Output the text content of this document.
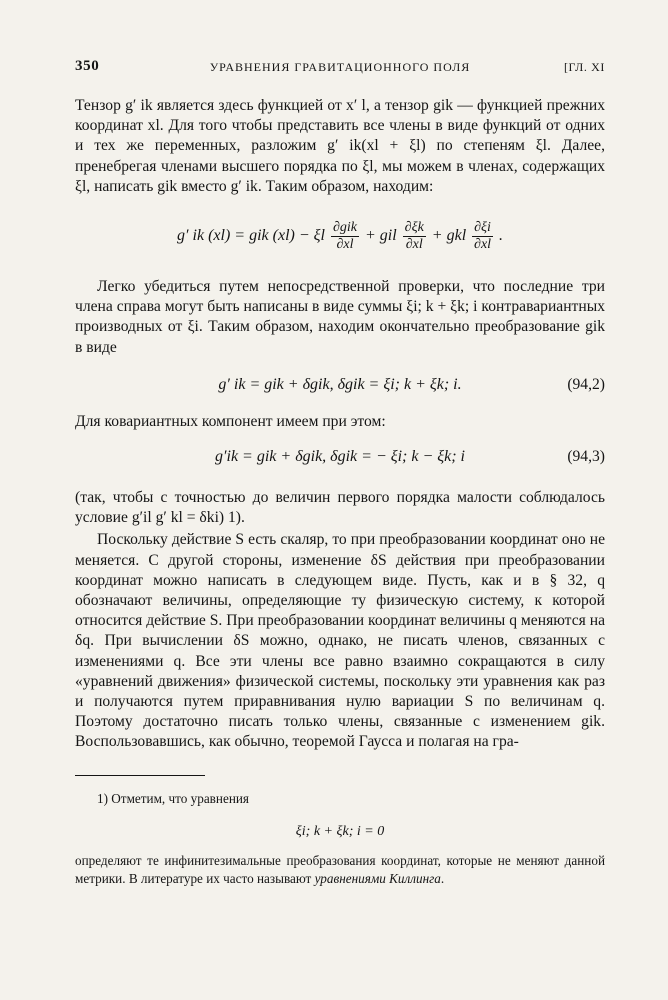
350	УРАВНЕНИЯ ГРАВИТАЦИОННОГО ПОЛЯ	[ГЛ. XI

Тензор g′ ik является здесь функцией от x′ l, а тензор gik — функцией прежних координат xl. Для того чтобы представить все члены в виде функций от одних и тех же переменных, разложим g′ ik(xl + ξl) по степеням ξl. Далее, пренебрегая членами высшего порядка по ξl, мы можем в членах, содержащих ξl, написать gik вместо g′ ik. Таким образом, находим:

g′ ik (xl) = gik (xl) − ξl $\frac{\text{∂gik}}{\partial xl}$ + gil $\frac{\partial\xi k}{\partial xl}$ + gkl $\frac{\partial\xi i}{\partial xl}$ .

Легко убедиться путем непосредственной проверки, что последние три члена справа могут быть написаны в виде суммы ξi; k + ξk; i контравариантных производных от ξi. Таким образом, находим окончательно преобразование gik в виде

g′ ik = gik + δgik, δgik = ξi; k + ξk; i.	(94,2)

Для ковариантных компонент имеем при этом:

g′ik = gik + δgik, δgik = − ξi; k − ξk; i	(94,3)

(так, чтобы с точностью до величин первого порядка малости соблюдалось условие g′il g′ kl = δki) 1).

Поскольку действие S есть скаляр, то при преобразовании координат оно не меняется. С другой стороны, изменение δS действия при преобразовании координат можно написать в следующем виде. Пусть, как и в § 32, q обозначают величины, определяющие ту физическую систему, к которой относится действие S. При преобразовании координат величины q меняются на δq. При вычислении δS можно, однако, не писать членов, связанных с изменениями q. Все эти члены все равно взаимно сокращаются в силу «уравнений движения» физической системы, поскольку эти уравнения как раз и получаются путем приравнивания нулю вариации S по величинам q. Поэтому достаточно писать только члены, связанные с изменением gik. Воспользовавшись, как обычно, теоремой Гаусса и полагая на гра-

1) Отметим, что уравнения

ξi; k + ξk; i = 0

определяют те инфинитезимальные преобразования координат, которые не меняют данной метрики. В литературе их часто называют уравнениями Киллинга.
